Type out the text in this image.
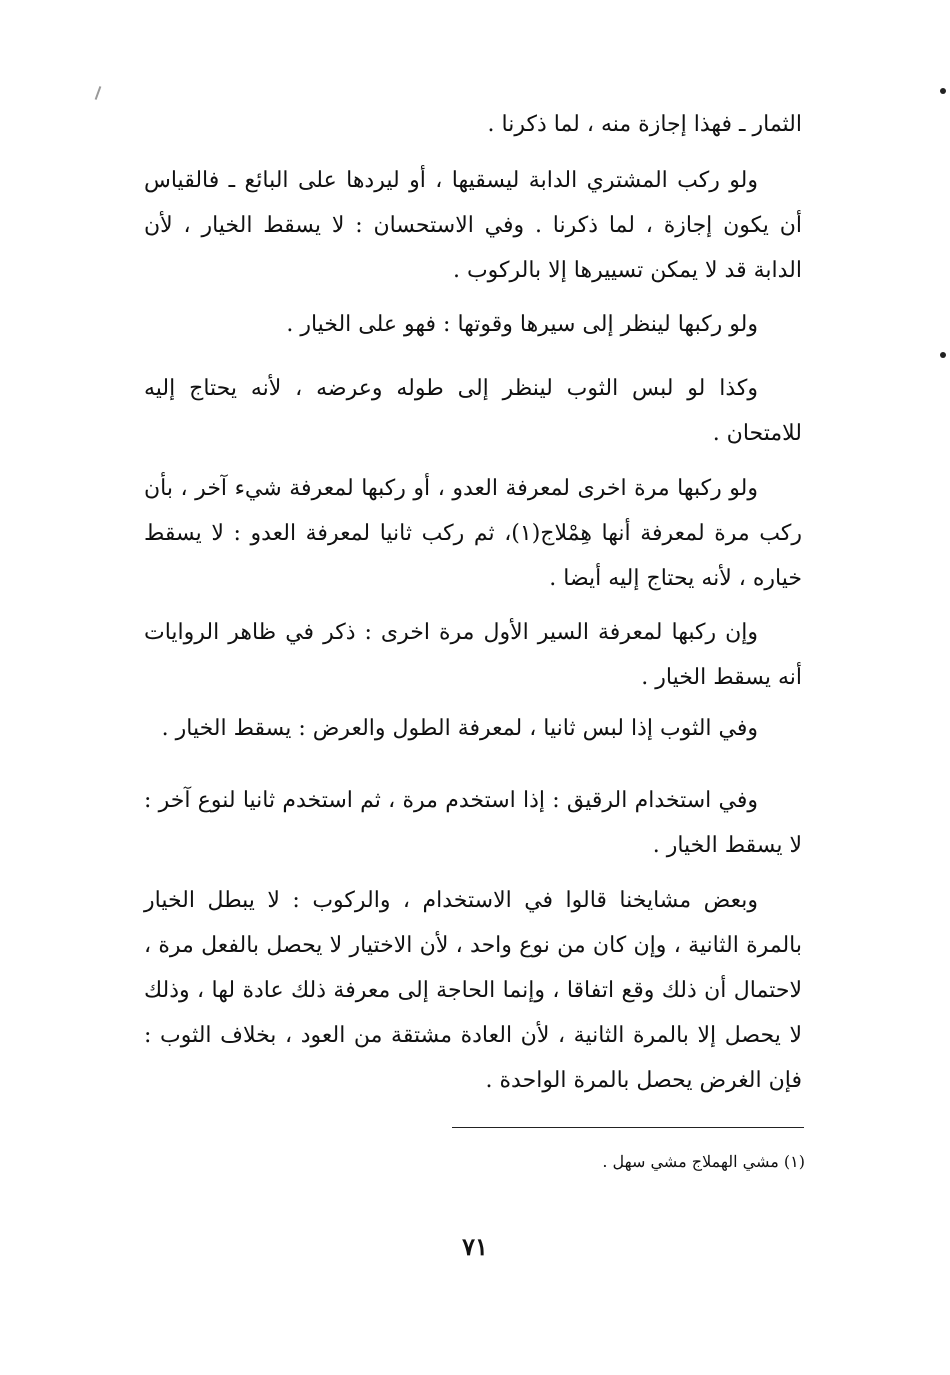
الثمار ـ فهذا إجازة منه ، لما ذكرنا .

ولو ركب المشتري الدابة ليسقيها ، أو ليردها على البائع ـ فالقياس أن يكون إجازة ، لما ذكرنا . وفي الاستحسان : لا يسقط الخيار ، لأن الدابة قد لا يمكن تسييرها إلا بالركوب .

ولو ركبها لينظر إلى سيرها وقوتها : فهو على الخيار .

وكذا لو لبس الثوب لينظر إلى طوله وعرضه ، لأنه يحتاج إليه للامتحان .

ولو ركبها مرة اخرى لمعرفة العدو ، أو ركبها لمعرفة شيء آخر ، بأن ركب مرة لمعرفة أنها هِمْلاج(١)، ثم ركب ثانيا لمعرفة العدو : لا يسقط خياره ، لأنه يحتاج إليه أيضا .

وإن ركبها لمعرفة السير الأول مرة اخرى : ذكر في ظاهر الروايات أنه يسقط الخيار .

وفي الثوب إذا لبس ثانيا ، لمعرفة الطول والعرض : يسقط الخيار .

وفي استخدام الرقيق : إذا استخدم مرة ، ثم استخدم ثانيا لنوع آخر : لا يسقط الخيار .

وبعض مشايخنا قالوا في الاستخدام ، والركوب : لا يبطل الخيار بالمرة الثانية ، وإن كان من نوع واحد ، لأن الاختيار لا يحصل بالفعل مرة ، لاحتمال أن ذلك وقع اتفاقا ، وإنما الحاجة إلى معرفة ذلك عادة لها ، وذلك لا يحصل إلا بالمرة الثانية ، لأن العادة مشتقة من العود ، بخلاف الثوب : فإن الغرض يحصل بالمرة الواحدة .

(١) مشي الهملاج مشي سهل .
٧١
